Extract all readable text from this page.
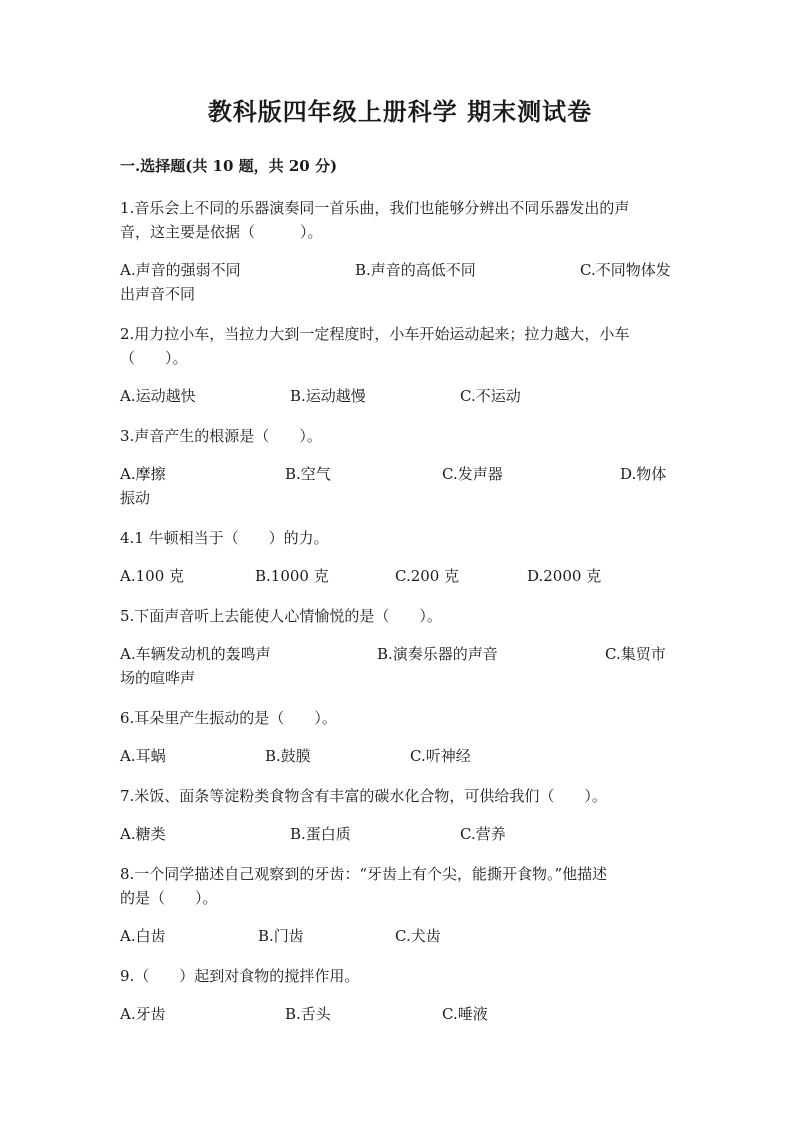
教科版四年级上册科学 期末测试卷
一.选择题(共 10 题，共 20 分)
1.音乐会上不同的乐器演奏同一首乐曲，我们也能够分辨出不同乐器发出的声
音，这主要是依据（　　　）。
A.声音的强弱不同	B.声音的高低不同	C.不同物体发
出声音不同
2.用力拉小车，当拉力大到一定程度时，小车开始运动起来；拉力越大，小车
（　　）。
A.运动越快	B.运动越慢	C.不运动
3.声音产生的根源是（　　）。
A.摩擦	B.空气	C.发声器	D.物体
振动
4.1 牛顿相当于（　　）的力。
A.100 克	B.1000 克	C.200 克	D.2000 克
5.下面声音听上去能使人心情愉悦的是（　　）。
A.车辆发动机的轰鸣声	B.演奏乐器的声音	C.集贸市
场的喧哗声
6.耳朵里产生振动的是（　　）。
A.耳蜗	B.鼓膜	C.听神经
7.米饭、面条等淀粉类食物含有丰富的碳水化合物，可供给我们（　　）。
A.糖类	B.蛋白质	C.营养
8.一个同学描述自己观察到的牙齿：“牙齿上有个尖，能撕开食物。”他描述
的是（　　）。
A.白齿	B.门齿	C.犬齿
9.（　　）起到对食物的搅拌作用。
A.牙齿	B.舌头	C.唾液
